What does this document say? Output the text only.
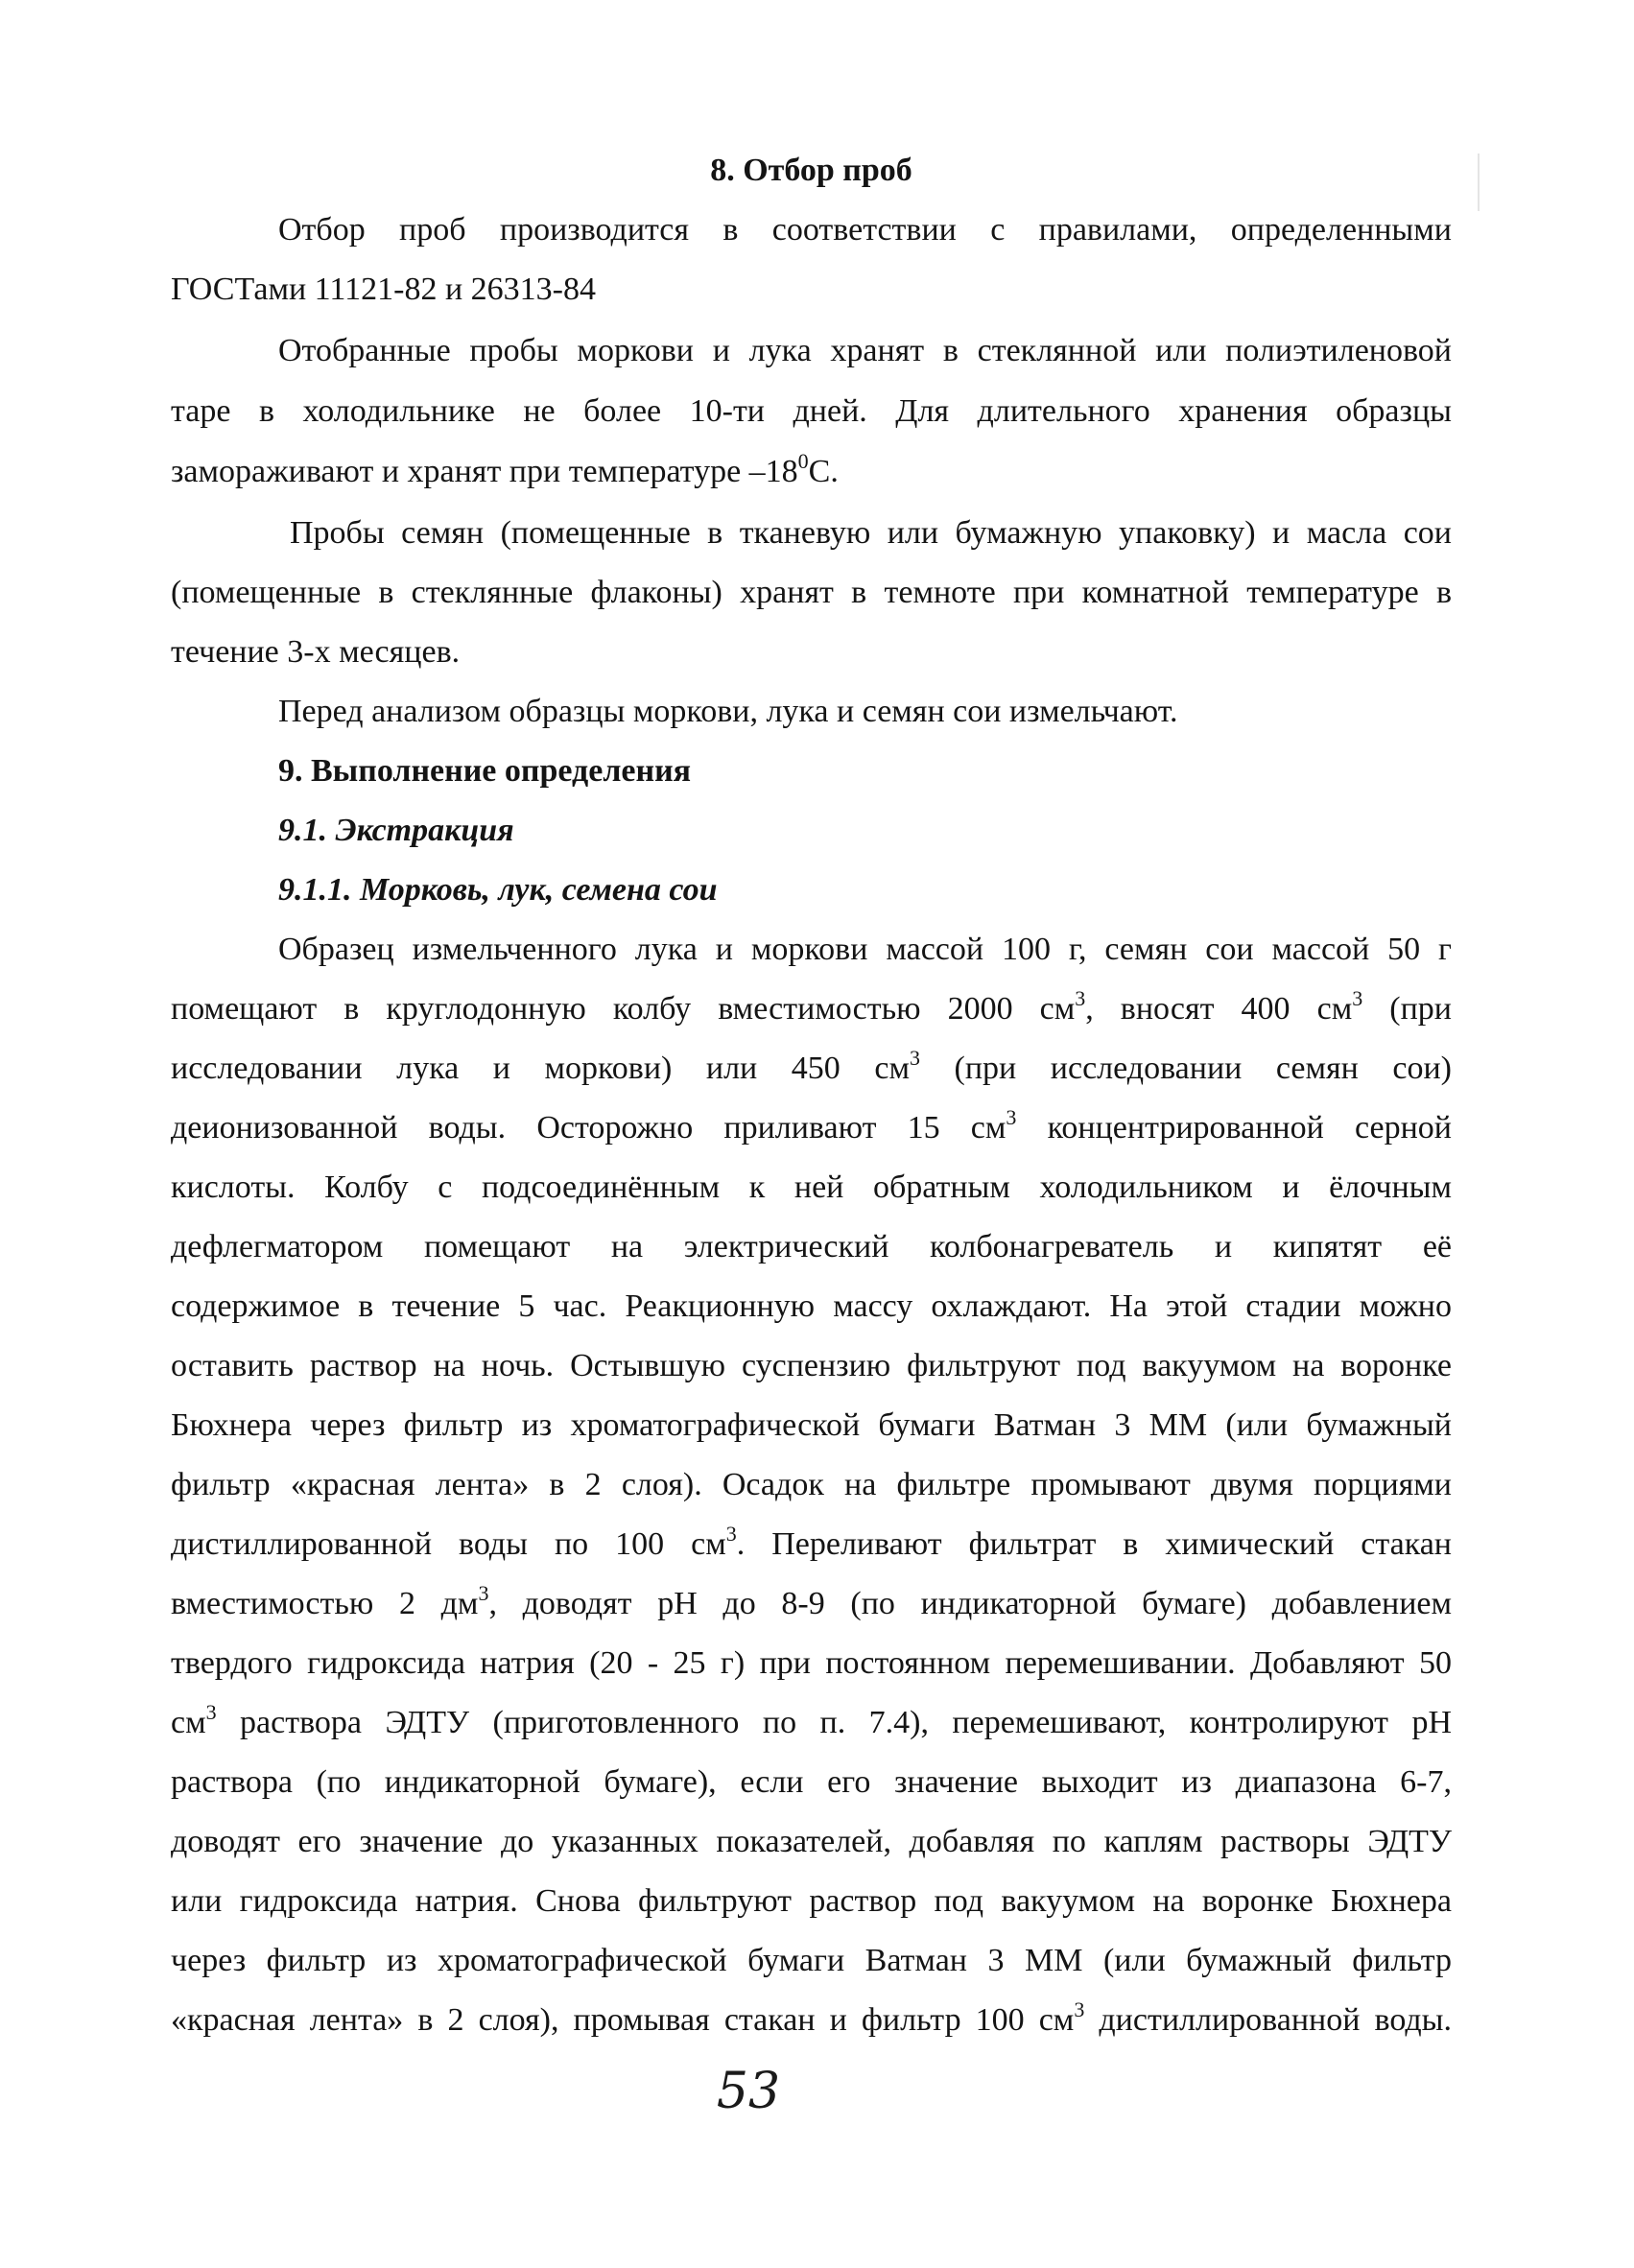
8. Отбор проб
Отбор проб производится в соответствии с правилами, определенными
ГОСТами 11121-82 и 26313-84
Отобранные пробы моркови и лука хранят в стеклянной или полиэтиленовой
таре в холодильнике не более 10-ти дней. Для длительного хранения образцы
замораживают и хранят при температуре $-18^0С$.
Пробы семян (помещенные в тканевую или бумажную упаковку) и масла сои
(помещенные в стеклянные флаконы) хранят в темноте при комнатной температуре в
течение 3-х месяцев.
Перед анализом образцы моркови, лука и семян сои измельчают.
9. Выполнение определения
9.1. Экстракция
9.1.1. Морковь, лук, семена сои
Образец измельченного лука и моркови массой 100 г, семян сои массой 50 г
помещают в круглодонную колбу вместимостью 2000 $см^3$, вносят 400 $см^3$ (при
исследовании лука и моркови) или 450 $см^3$ (при исследовании семян сои)
деионизованной воды. Осторожно приливают 15 $см^3$ концентрированной серной
кислоты. Колбу с подсоединённым к ней обратным холодильником и ёлочным
дефлегматором помещают на электрический колбонагреватель и кипятят её
содержимое в течение 5 час. Реакционную массу охлаждают. На этой стадии можно
оставить раствор на ночь. Остывшую суспензию фильтруют под вакуумом на воронке
Бюхнера через фильтр из хроматографической бумаги Ватман 3 ММ (или бумажный
фильтр «красная лента» в 2 слоя). Осадок на фильтре промывают двумя порциями
дистиллированной воды по 100 $см^3$. Переливают фильтрат в химический стакан
вместимостью 2 $дм^3$, доводят рН до 8-9 (по индикаторной бумаге) добавлением
твердого гидроксида натрия (20 - 25 г) при постоянном перемешивании. Добавляют 50
$см^3$ раствора ЭДТУ (приготовленного по п. 7.4), перемешивают, контролируют рН
раствора (по индикаторной бумаге), если его значение выходит из диапазона 6-7,
доводят его значение до указанных показателей, добавляя по каплям растворы ЭДТУ
или гидроксида натрия. Снова фильтруют раствор под вакуумом на воронке Бюхнера
через фильтр из хроматографической бумаги Ватман 3 ММ (или бумажный фильтр
«красная лента» в 2 слоя), промывая стакан и фильтр 100 $см^3$ дистиллированной воды.
53
